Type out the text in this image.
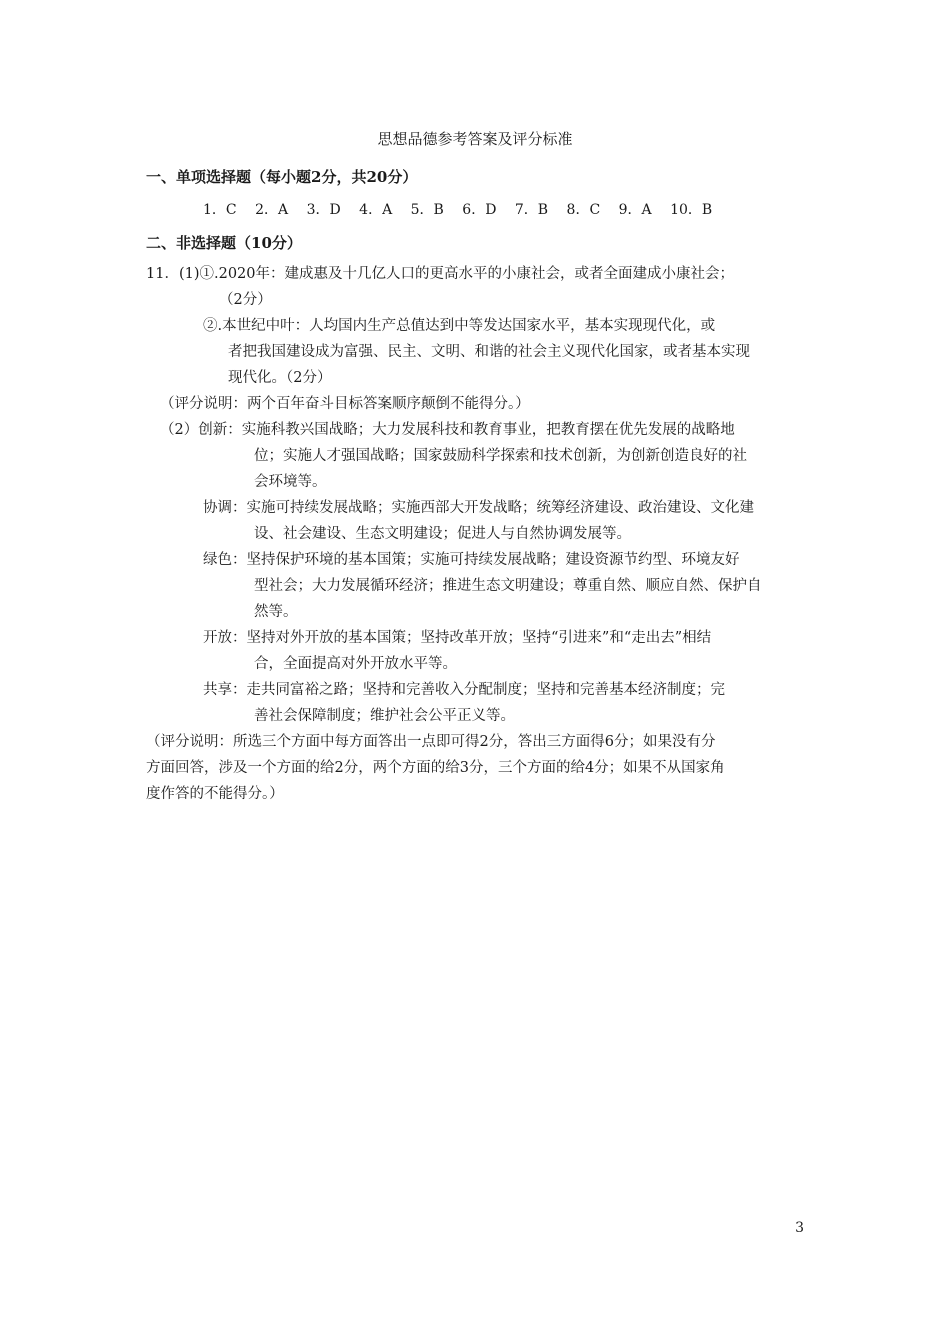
思想品德参考答案及评分标准
一、单项选择题（每小题2分，共20分）
1．C 2．A 3．D 4．A 5．B 6．D 7．B 8．C 9．A 10．B
二、非选择题（10分）
11．(1)①.2020年：建成惠及十几亿人口的更高水平的小康社会，或者全面建成小康社会；
（2分）
②.本世纪中叶：人均国内生产总值达到中等发达国家水平，基本实现现代化，或
者把我国建设成为富强、民主、文明、和谐的社会主义现代化国家，或者基本实现
现代化。（2分）
（评分说明：两个百年奋斗目标答案顺序颠倒不能得分。）
（2）创新：实施科教兴国战略；大力发展科技和教育事业，把教育摆在优先发展的战略地
位；实施人才强国战略；国家鼓励科学探索和技术创新，为创新创造良好的社
会环境等。
协调：实施可持续发展战略；实施西部大开发战略；统筹经济建设、政治建设、文化建
设、社会建设、生态文明建设；促进人与自然协调发展等。
绿色：坚持保护环境的基本国策；实施可持续发展战略；建设资源节约型、环境友好
型社会；大力发展循环经济；推进生态文明建设；尊重自然、顺应自然、保护自
然等。
开放：坚持对外开放的基本国策；坚持改革开放；坚持“引进来”和“走出去”相结
合，全面提高对外开放水平等。
共享：走共同富裕之路；坚持和完善收入分配制度；坚持和完善基本经济制度；完
善社会保障制度；维护社会公平正义等。
（评分说明：所选三个方面中每方面答出一点即可得2分，答出三方面得6分；如果没有分
方面回答，涉及一个方面的给2分，两个方面的给3分，三个方面的给4分；如果不从国家角
度作答的不能得分。）
3
